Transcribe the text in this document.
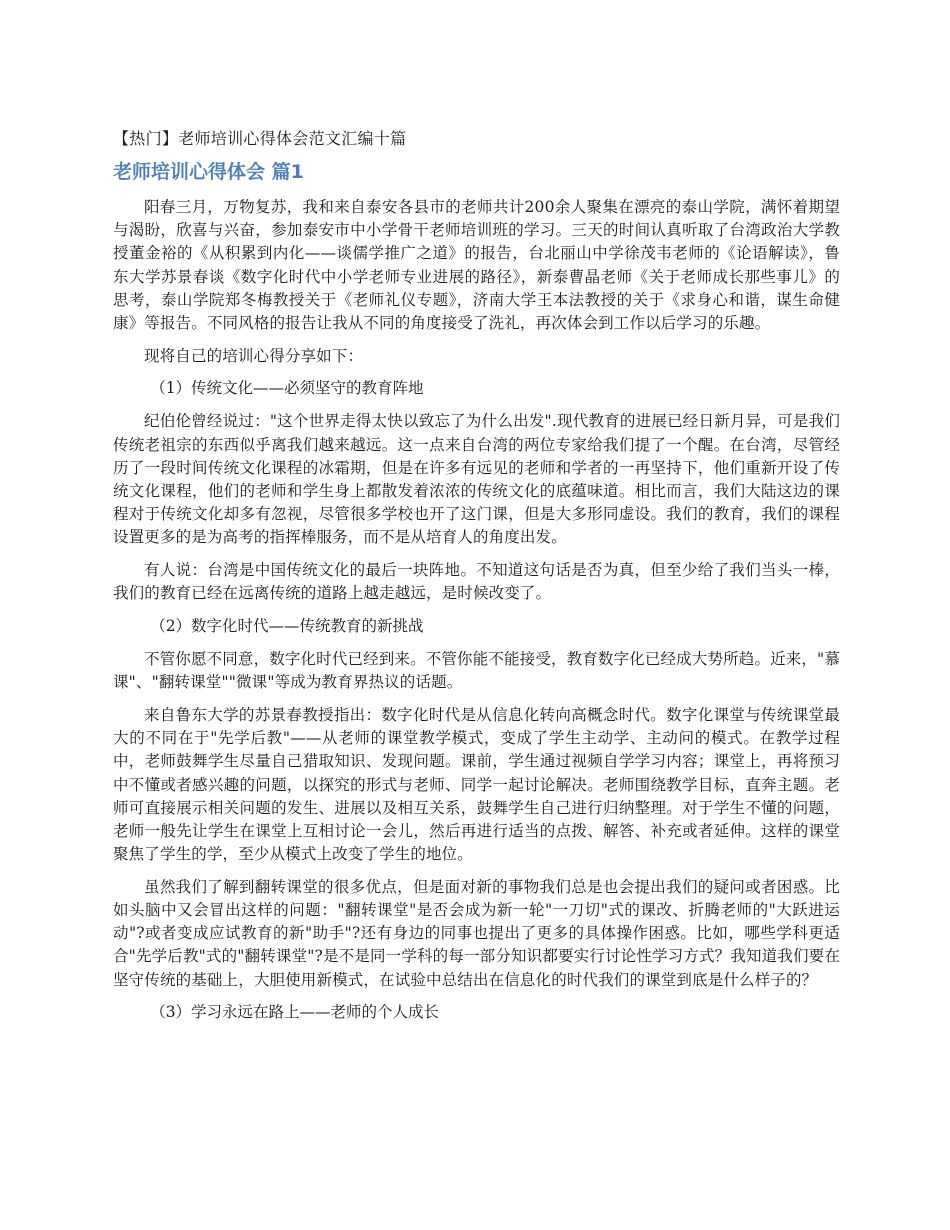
【热门】老师培训心得体会范文汇编十篇
老师培训心得体会 篇1

阳春三月，万物复苏，我和来自泰安各县市的老师共计200余人聚集在漂亮的泰山学院，满怀着期望与渴盼，欣喜与兴奋，参加泰安市中小学骨干老师培训班的学习。三天的时间认真听取了台湾政治大学教授董金裕的《从积累到内化——谈儒学推广之道》的报告，台北丽山中学徐茂韦老师的《论语解读》，鲁东大学苏景春谈《数字化时代中小学老师专业进展的路径》，新泰曹晶老师《关于老师成长那些事儿》的思考，泰山学院郑冬梅教授关于《老师礼仪专题》，济南大学王本法教授的关于《求身心和谐，谋生命健康》等报告。不同风格的报告让我从不同的角度接受了洗礼，再次体会到工作以后学习的乐趣。

现将自己的培训心得分享如下：

（1）传统文化——必须坚守的教育阵地

纪伯伦曾经说过："这个世界走得太快以致忘了为什么出发".现代教育的进展已经日新月异，可是我们传统老祖宗的东西似乎离我们越来越远。这一点来自台湾的两位专家给我们提了一个醒。在台湾，尽管经历了一段时间传统文化课程的冰霜期，但是在许多有远见的老师和学者的一再坚持下，他们重新开设了传统文化课程，他们的老师和学生身上都散发着浓浓的传统文化的底蕴味道。相比而言，我们大陆这边的课程对于传统文化却多有忽视，尽管很多学校也开了这门课，但是大多形同虚设。我们的教育，我们的课程设置更多的是为高考的指挥棒服务，而不是从培育人的角度出发。

有人说：台湾是中国传统文化的最后一块阵地。不知道这句话是否为真，但至少给了我们当头一棒，我们的教育已经在远离传统的道路上越走越远，是时候改变了。

（2）数字化时代——传统教育的新挑战

不管你愿不同意，数字化时代已经到来。不管你能不能接受，教育数字化已经成大势所趋。近来，"慕课"、"翻转课堂""微课"等成为教育界热议的话题。

来自鲁东大学的苏景春教授指出：数字化时代是从信息化转向高概念时代。数字化课堂与传统课堂最大的不同在于"先学后教"——从老师的课堂教学模式，变成了学生主动学、主动问的模式。在教学过程中，老师鼓舞学生尽量自己猎取知识、发现问题。课前，学生通过视频自学学习内容；课堂上，再将预习中不懂或者感兴趣的问题，以探究的形式与老师、同学一起讨论解决。老师围绕教学目标，直奔主题。老师可直接展示相关问题的发生、进展以及相互关系，鼓舞学生自己进行归纳整理。对于学生不懂的问题，老师一般先让学生在课堂上互相讨论一会儿，然后再进行适当的点拨、解答、补充或者延伸。这样的课堂聚焦了学生的学，至少从模式上改变了学生的地位。

虽然我们了解到翻转课堂的很多优点，但是面对新的事物我们总是也会提出我们的疑问或者困惑。比如头脑中又会冒出这样的问题："翻转课堂"是否会成为新一轮"一刀切"式的课改、折腾老师的"大跃进运动"?或者变成应试教育的新"助手"?还有身边的同事也提出了更多的具体操作困惑。比如，哪些学科更适合"先学后教"式的"翻转课堂"?是不是同一学科的每一部分知识都要实行讨论性学习方式？我知道我们要在坚守传统的基础上，大胆使用新模式，在试验中总结出在信息化的时代我们的课堂到底是什么样子的？

（3）学习永远在路上——老师的个人成长
